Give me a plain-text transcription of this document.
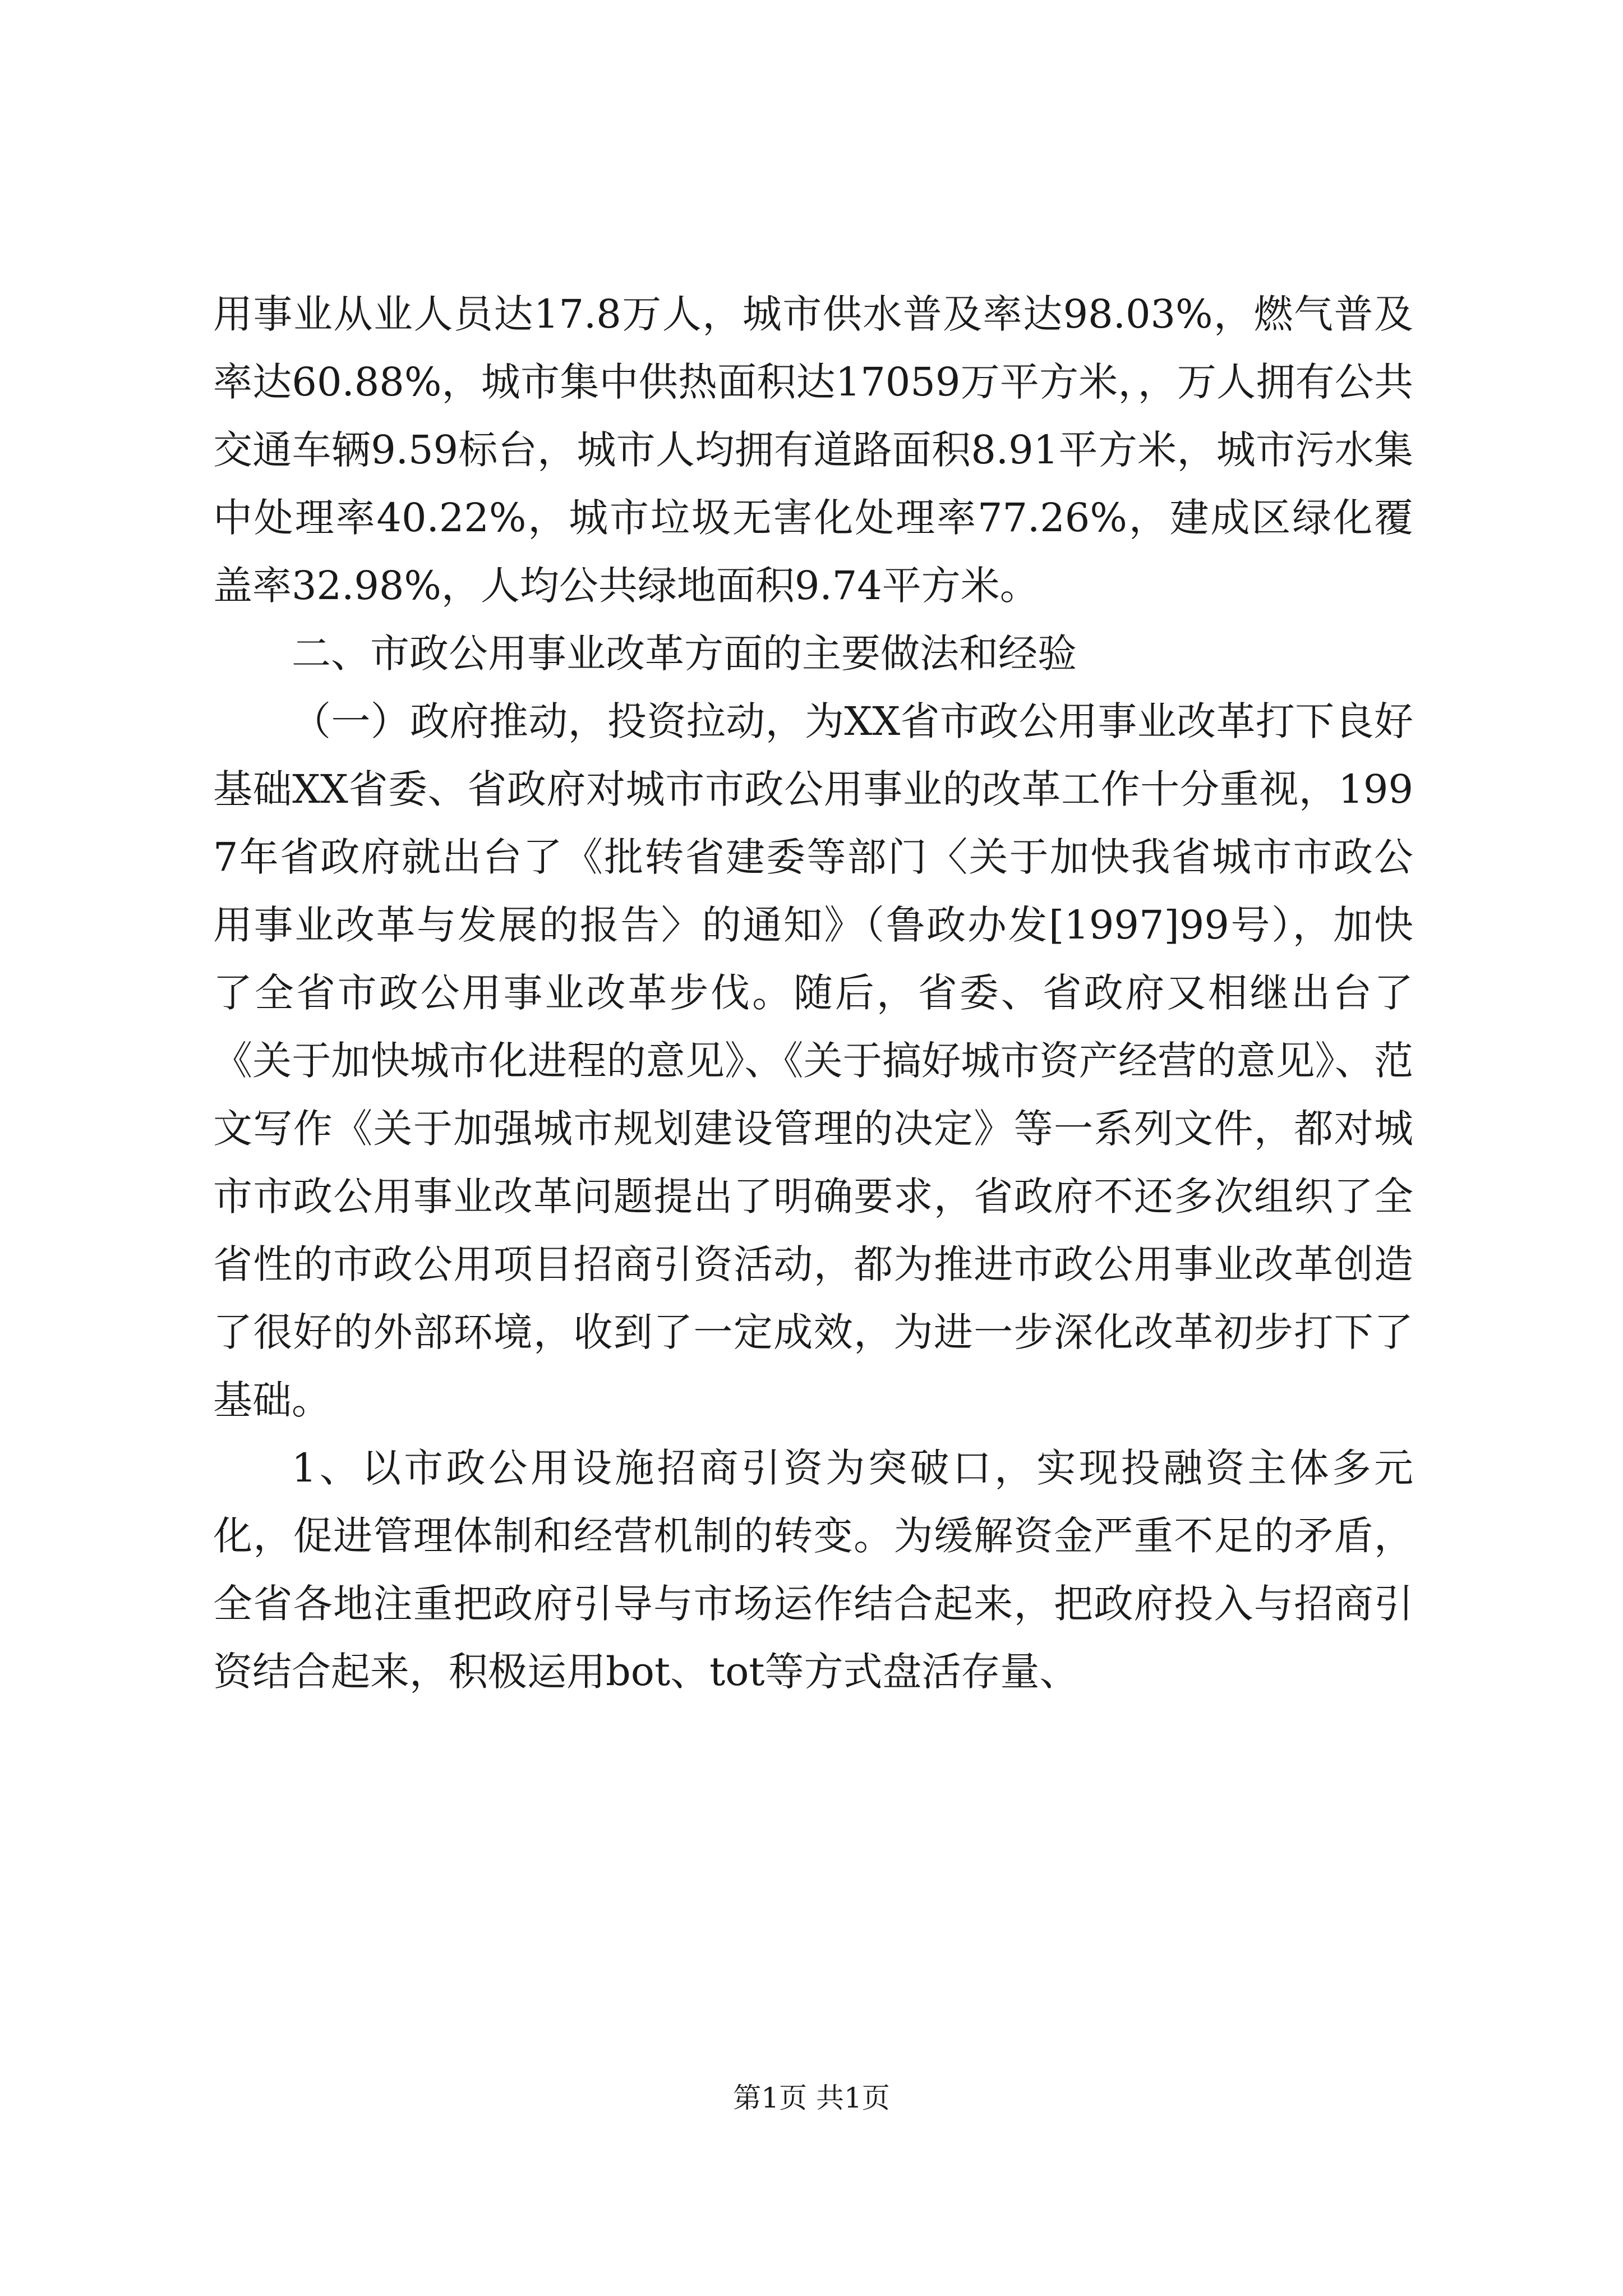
用事业从业人员达17.8万人，城市供水普及率达98.03%，燃气普及率达60.88%，城市集中供热面积达17059万平方米，，万人拥有公共交通车辆9.59标台，城市人均拥有道路面积8.91平方米，城市污水集中处理率40.22%，城市垃圾无害化处理率77.26%，建成区绿化覆盖率32.98%，人均公共绿地面积9.74平方米。

二、市政公用事业改革方面的主要做法和经验

（一）政府推动，投资拉动，为XX省市政公用事业改革打下良好基础XX省委、省政府对城市市政公用事业的改革工作十分重视，1997年省政府就出台了《批转省建委等部门〈关于加快我省城市市政公用事业改革与发展的报告〉的通知》（鲁政办发[1997]99号），加快了全省市政公用事业改革步伐。随后，省委、省政府又相继出台了《关于加快城市化进程的意见》、《关于搞好城市资产经营的意见》、范文写作《关于加强城市规划建设管理的决定》等一系列文件，都对城市市政公用事业改革问题提出了明确要求，省政府不还多次组织了全省性的市政公用项目招商引资活动，都为推进市政公用事业改革创造了很好的外部环境，收到了一定成效，为进一步深化改革初步打下了基础。

1、以市政公用设施招商引资为突破口，实现投融资主体多元化，促进管理体制和经营机制的转变。为缓解资金严重不足的矛盾，全省各地注重把政府引导与市场运作结合起来，把政府投入与招商引资结合起来，积极运用bot、tot等方式盘活存量、

第1页 共1页
